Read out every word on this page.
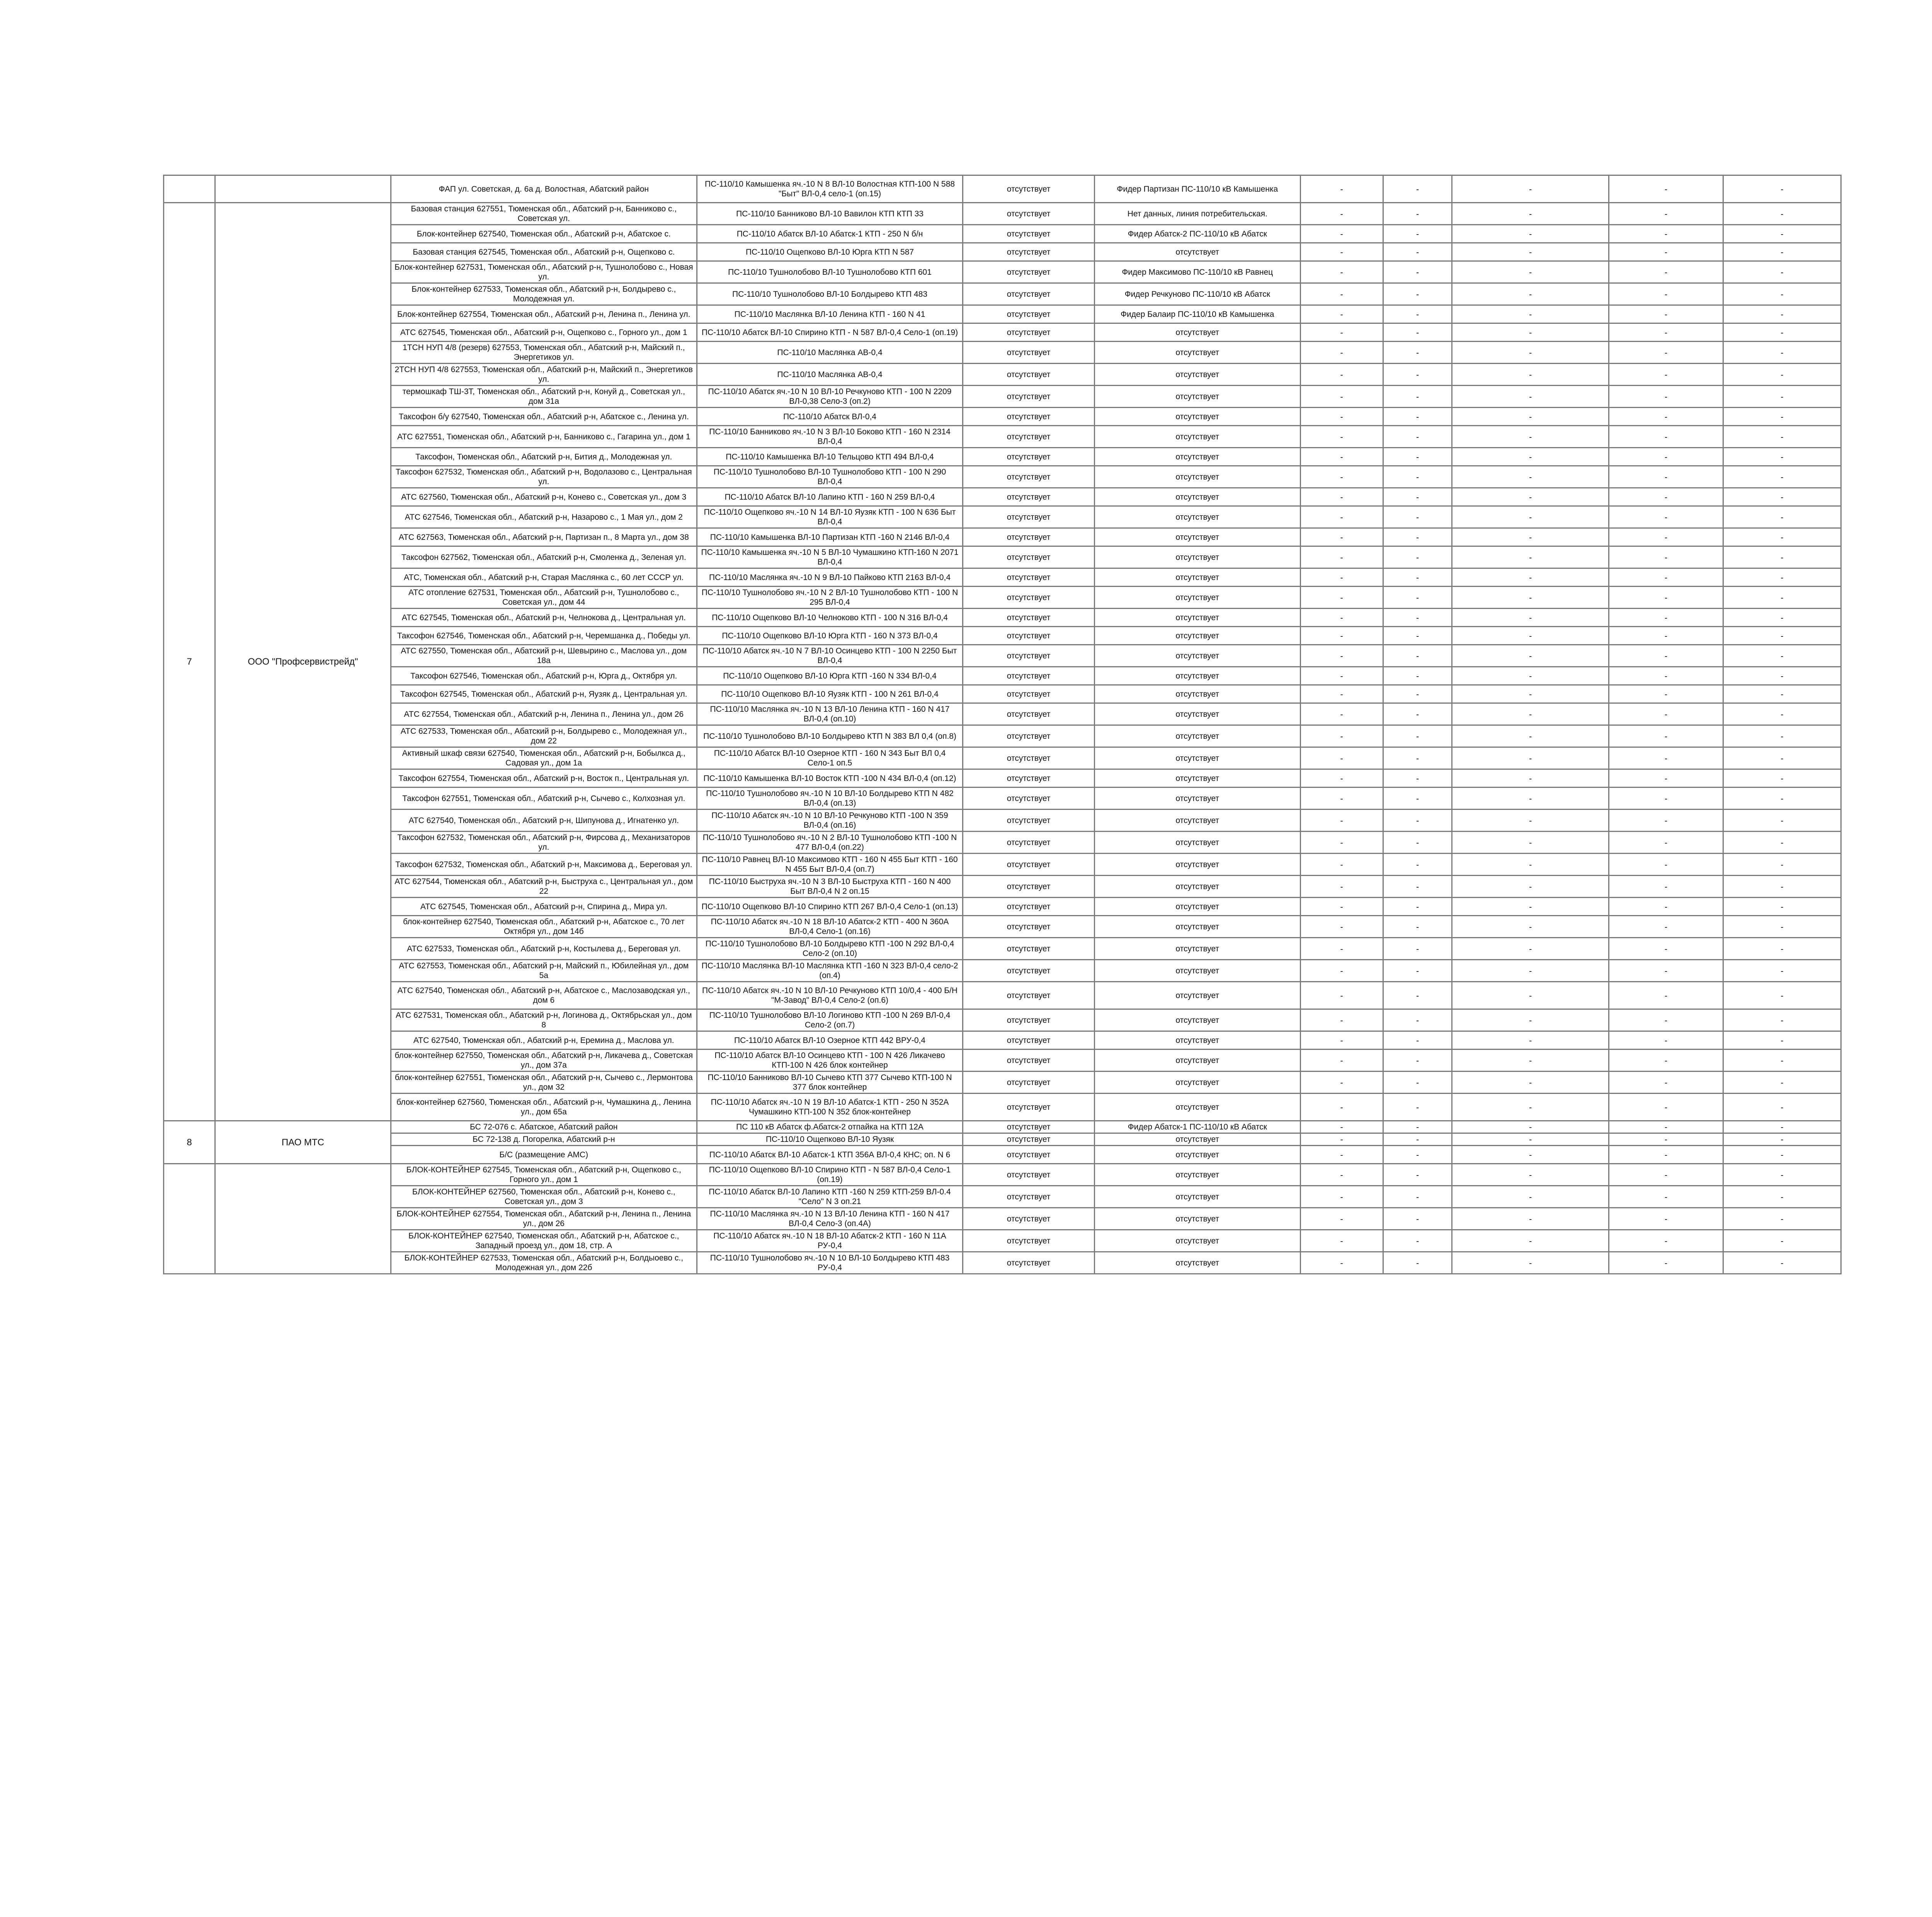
		ФАП ул. Советская, д. 6а д. Волостная, Абатский район	ПС-110/10 Камышенка яч.-10 N 8 ВЛ-10 Волостная КТП-100 N 588 "Быт" ВЛ-0,4 село-1 (оп.15)	отсутствует	Фидер Партизан ПС-110/10 кВ Камышенка	-	-	-	-	-
7	ООО "Профсервистрейд"	Базовая станция 627551, Тюменская обл., Абатский р-н, Банниково с., Советская ул.	ПС-110/10 Банниково ВЛ-10 Вавилон КТП КТП 33	отсутствует	Нет данных, линия потребительская.	-	-	-	-	-
		Блок-контейнер 627540, Тюменская обл., Абатский р-н, Абатское с.	ПС-110/10 Абатск ВЛ-10 Абатск-1 КТП - 250 N б/н	отсутствует	Фидер Абатск-2 ПС-110/10 кВ Абатск	-	-	-	-	-
		Базовая станция 627545, Тюменская обл., Абатский р-н, Ощепково с.	ПС-110/10 Ощепково ВЛ-10 Юрга КТП N 587	отсутствует	отсутствует	-	-	-	-	-
		Блок-контейнер 627531, Тюменская обл., Абатский р-н, Тушнолобово с., Новая ул.	ПС-110/10 Тушнолобово ВЛ-10 Тушнолобово КТП 601	отсутствует	Фидер Максимово ПС-110/10 кВ Равнец	-	-	-	-	-
		Блок-контейнер 627533, Тюменская обл., Абатский р-н, Болдырево с., Молодежная ул.	ПС-110/10 Тушнолобово ВЛ-10 Болдырево КТП 483	отсутствует	Фидер Речкуново ПС-110/10 кВ Абатск	-	-	-	-	-
		Блок-контейнер 627554, Тюменская обл., Абатский р-н, Ленина п., Ленина ул.	ПС-110/10 Маслянка ВЛ-10 Ленина КТП - 160 N 41	отсутствует	Фидер Балаир ПС-110/10 кВ Камышенка	-	-	-	-	-
		АТС 627545, Тюменская обл., Абатский р-н, Ощепково с., Горного ул., дом 1	ПС-110/10 Абатск ВЛ-10 Спирино КТП - N 587 ВЛ-0,4 Село-1 (оп.19)	отсутствует	отсутствует	-	-	-	-	-
		1ТСН НУП 4/8 (резерв) 627553, Тюменская обл., Абатский р-н, Майский п., Энергетиков ул.	ПС-110/10 Маслянка АВ-0,4	отсутствует	отсутствует	-	-	-	-	-
		2ТСН НУП 4/8 627553, Тюменская обл., Абатский р-н, Майский п., Энергетиков ул.	ПС-110/10 Маслянка АВ-0,4	отсутствует	отсутствует	-	-	-	-	-
		термошкаф ТШ-3Т, Тюменская обл., Абатский р-н, Конуй д., Советская ул., дом 31а	ПС-110/10 Абатск яч.-10 N 10 ВЛ-10 Речкуново КТП - 100 N 2209 ВЛ-0,38 Село-3 (оп.2)	отсутствует	отсутствует	-	-	-	-	-
		Таксофон б/у 627540, Тюменская обл., Абатский р-н, Абатское с., Ленина ул.	ПС-110/10 Абатск ВЛ-0,4	отсутствует	отсутствует	-	-	-	-	-
		АТС 627551, Тюменская обл., Абатский р-н, Банниково с., Гагарина ул., дом 1	ПС-110/10 Банниково яч.-10 N 3 ВЛ-10 Боково КТП - 160 N 2314 ВЛ-0,4	отсутствует	отсутствует	-	-	-	-	-
		Таксофон, Тюменская обл., Абатский р-н, Бития д., Молодежная ул.	ПС-110/10 Камышенка ВЛ-10 Тельцово КТП 494 ВЛ-0,4	отсутствует	отсутствует	-	-	-	-	-
		Таксофон 627532, Тюменская обл., Абатский р-н, Водолазово с., Центральная ул.	ПС-110/10 Тушнолобово ВЛ-10 Тушнолобово КТП - 100 N 290 ВЛ-0,4	отсутствует	отсутствует	-	-	-	-	-
		АТС 627560, Тюменская обл., Абатский р-н, Конево с., Советская ул., дом 3	ПС-110/10 Абатск ВЛ-10 Лапино КТП - 160 N 259 ВЛ-0,4	отсутствует	отсутствует	-	-	-	-	-
		АТС 627546, Тюменская обл., Абатский р-н, Назарово с., 1 Мая ул., дом 2	ПС-110/10 Ощепково яч.-10 N 14 ВЛ-10 Яузяк КТП - 100 N 636 Быт ВЛ-0,4	отсутствует	отсутствует	-	-	-	-	-
		АТС 627563, Тюменская обл., Абатский р-н, Партизан п., 8 Марта ул., дом 38	ПС-110/10 Камышенка ВЛ-10 Партизан КТП -160 N 2146 ВЛ-0,4	отсутствует	отсутствует	-	-	-	-	-
		Таксофон 627562, Тюменская обл., Абатский р-н, Смоленка д., Зеленая ул.	ПС-110/10 Камышенка яч.-10 N 5 ВЛ-10 Чумашкино КТП-160 N 2071 ВЛ-0,4	отсутствует	отсутствует	-	-	-	-	-
		АТС, Тюменская обл., Абатский р-н, Старая Маслянка с., 60 лет СССР ул.	ПС-110/10 Маслянка яч.-10 N 9 ВЛ-10 Пайково КТП 2163 ВЛ-0,4	отсутствует	отсутствует	-	-	-	-	-
		АТС отопление 627531, Тюменская обл., Абатский р-н, Тушнолобово с., Советская ул., дом 44	ПС-110/10 Тушнолобово яч.-10 N 2 ВЛ-10 Тушнолобово КТП - 100 N 295 ВЛ-0,4	отсутствует	отсутствует	-	-	-	-	-
		АТС 627545, Тюменская обл., Абатский р-н, Челнокова д., Центральная ул.	ПС-110/10 Ощепково ВЛ-10 Челноково КТП - 100 N 316 ВЛ-0,4	отсутствует	отсутствует	-	-	-	-	-
		Таксофон 627546, Тюменская обл., Абатский р-н, Черемшанка д., Победы ул.	ПС-110/10 Ощепково ВЛ-10 Юрга КТП - 160 N 373 ВЛ-0,4	отсутствует	отсутствует	-	-	-	-	-
		АТС 627550, Тюменская обл., Абатский р-н, Шевырино с., Маслова ул., дом 18а	ПС-110/10 Абатск яч.-10 N 7 ВЛ-10 Осинцево КТП - 100 N 2250 Быт ВЛ-0,4	отсутствует	отсутствует	-	-	-	-	-
		Таксофон 627546, Тюменская обл., Абатский р-н, Юрга д., Октября ул.	ПС-110/10 Ощепково ВЛ-10 Юрга КТП -160 N 334 ВЛ-0,4	отсутствует	отсутствует	-	-	-	-	-
		Таксофон 627545, Тюменская обл., Абатский р-н, Яузяк д., Центральная ул.	ПС-110/10 Ощепково ВЛ-10 Яузяк КТП - 100 N 261 ВЛ-0,4	отсутствует	отсутствует	-	-	-	-	-
		АТС 627554, Тюменская обл., Абатский р-н, Ленина п., Ленина ул., дом 26	ПС-110/10 Маслянка яч.-10 N 13 ВЛ-10 Ленина КТП - 160 N 417 ВЛ-0,4 (оп.10)	отсутствует	отсутствует	-	-	-	-	-
		АТС 627533, Тюменская обл., Абатский р-н, Болдырево с., Молодежная ул., дом 22	ПС-110/10 Тушнолобово ВЛ-10 Болдырево КТП N 383 ВЛ 0,4 (оп.8)	отсутствует	отсутствует	-	-	-	-	-
		Активный шкаф связи 627540, Тюменская обл., Абатский р-н, Бобылкса д., Садовая ул., дом 1а	ПС-110/10 Абатск ВЛ-10 Озерное КТП - 160 N 343 Быт ВЛ 0,4 Село-1 оп.5	отсутствует	отсутствует	-	-	-	-	-
		Таксофон 627554, Тюменская обл., Абатский р-н, Восток п., Центральная ул.	ПС-110/10 Камышенка ВЛ-10 Восток КТП -100 N 434 ВЛ-0,4 (оп.12)	отсутствует	отсутствует	-	-	-	-	-
		Таксофон 627551, Тюменская обл., Абатский р-н, Сычево с., Колхозная ул.	ПС-110/10 Тушнолобово яч.-10 N 10 ВЛ-10 Болдырево КТП N 482 ВЛ-0,4 (оп.13)	отсутствует	отсутствует	-	-	-	-	-
		АТС 627540, Тюменская обл., Абатский р-н, Шипунова д., Игнатенко ул.	ПС-110/10 Абатск яч.-10 N 10 ВЛ-10 Речкуново КТП -100 N 359 ВЛ-0,4 (оп.16)	отсутствует	отсутствует	-	-	-	-	-
		Таксофон 627532, Тюменская обл., Абатский р-н, Фирсова д., Механизаторов ул.	ПС-110/10 Тушнолобово яч.-10 N 2 ВЛ-10 Тушнолобово КТП -100 N 477 ВЛ-0,4 (оп.22)	отсутствует	отсутствует	-	-	-	-	-
		Таксофон 627532, Тюменская обл., Абатский р-н, Максимова д., Береговая ул.	ПС-110/10 Равнец ВЛ-10 Максимово КТП - 160 N 455 Быт КТП - 160 N 455 Быт ВЛ-0,4 (оп.7)	отсутствует	отсутствует	-	-	-	-	-
		АТС 627544, Тюменская обл., Абатский р-н, Быструха с., Центральная ул., дом 22	ПС-110/10 Быструха яч.-10 N 3 ВЛ-10 Быструха КТП - 160 N 400 Быт ВЛ-0,4 N 2 оп.15	отсутствует	отсутствует	-	-	-	-	-
		АТС 627545, Тюменская обл., Абатский р-н, Спирина д., Мира ул.	ПС-110/10 Ощепково ВЛ-10 Спирино КТП 267 ВЛ-0,4 Село-1 (оп.13)	отсутствует	отсутствует	-	-	-	-	-
		блок-контейнер 627540, Тюменская обл., Абатский р-н, Абатское с., 70 лет Октября ул., дом 14б	ПС-110/10 Абатск яч.-10 N 18 ВЛ-10 Абатск-2 КТП - 400 N 360А ВЛ-0,4 Село-1 (оп.16)	отсутствует	отсутствует	-	-	-	-	-
		АТС 627533, Тюменская обл., Абатский р-н, Костылева д., Береговая ул.	ПС-110/10 Тушнолобово ВЛ-10 Болдырево КТП -100 N 292 ВЛ-0,4 Село-2 (оп.10)	отсутствует	отсутствует	-	-	-	-	-
		АТС 627553, Тюменская обл., Абатский р-н, Майский п., Юбилейная ул., дом 5а	ПС-110/10 Маслянка ВЛ-10 Маслянка КТП -160 N 323 ВЛ-0,4 село-2 (оп.4)	отсутствует	отсутствует	-	-	-	-	-
		АТС 627540, Тюменская обл., Абатский р-н, Абатское с., Маслозаводская ул., дом 6	ПС-110/10 Абатск яч.-10 N 10 ВЛ-10 Речкуново КТП 10/0,4 - 400 Б/Н "М-Завод" ВЛ-0,4 Село-2 (оп.6)	отсутствует	отсутствует	-	-	-	-	-
		АТС 627531, Тюменская обл., Абатский р-н, Логинова д., Октябрьская ул., дом 8	ПС-110/10 Тушнолобово ВЛ-10 Логиново КТП -100 N 269 ВЛ-0,4 Село-2 (оп.7)	отсутствует	отсутствует	-	-	-	-	-
		АТС 627540, Тюменская обл., Абатский р-н, Еремина д., Маслова ул.	ПС-110/10 Абатск ВЛ-10 Озерное КТП 442 ВРУ-0,4	отсутствует	отсутствует	-	-	-	-	-
		блок-контейнер 627550, Тюменская обл., Абатский р-н, Ликачева д., Советская ул., дом 37а	ПС-110/10 Абатск ВЛ-10 Осинцево КТП - 100 N 426 Ликачево КТП-100 N 426 блок контейнер	отсутствует	отсутствует	-	-	-	-	-
		блок-контейнер 627551, Тюменская обл., Абатский р-н, Сычево с., Лермонтова ул., дом 32	ПС-110/10 Банниково ВЛ-10 Сычево КТП 377 Сычево КТП-100 N 377 блок контейнер	отсутствует	отсутствует	-	-	-	-	-
		блок-контейнер 627560, Тюменская обл., Абатский р-н, Чумашкина д., Ленина ул., дом 65а	ПС-110/10 Абатск яч.-10 N 19 ВЛ-10 Абатск-1 КТП - 250 N 352А Чумашкино КТП-100 N 352 блок-контейнер	отсутствует	отсутствует	-	-	-	-	-
8	ПАО МТС	БС 72-076 с. Абатское, Абатский район	ПС 110 кВ Абатск ф.Абатск-2 отпайка на КТП 12А	отсутствует	Фидер Абатск-1 ПС-110/10 кВ Абатск	-	-	-	-	-
		БС 72-138 д. Погорелка, Абатский р-н	ПС-110/10 Ощепково ВЛ-10 Яузяк	отсутствует	отсутствует	-	-	-	-	-
		Б/С (размещение АМС)	ПС-110/10 Абатск ВЛ-10 Абатск-1 КТП 356А ВЛ-0,4 КНС; оп. N 6	отсутствует	отсутствует	-	-	-	-	-
		БЛОК-КОНТЕЙНЕР 627545, Тюменская обл., Абатский р-н, Ощепково с., Горного ул., дом 1	ПС-110/10 Ощепково ВЛ-10 Спирино КТП - N 587 ВЛ-0,4 Село-1 (оп.19)	отсутствует	отсутствует	-	-	-	-	-
		БЛОК-КОНТЕЙНЕР 627560, Тюменская обл., Абатский р-н, Конево с., Советская ул., дом 3	ПС-110/10 Абатск ВЛ-10 Лапино КТП -160 N 259 КТП-259 ВЛ-0.4 "Село" N 3 оп.21	отсутствует	отсутствует	-	-	-	-	-
		БЛОК-КОНТЕЙНЕР 627554, Тюменская обл., Абатский р-н, Ленина п., Ленина ул., дом 26	ПС-110/10 Маслянка яч.-10 N 13 ВЛ-10 Ленина КТП - 160 N 417 ВЛ-0,4 Село-3 (оп.4А)	отсутствует	отсутствует	-	-	-	-	-
		БЛОК-КОНТЕЙНЕР 627540, Тюменская обл., Абатский р-н, Абатское с., Западный проезд ул., дом 18, стр. А	ПС-110/10 Абатск яч.-10 N 18 ВЛ-10 Абатск-2 КТП - 160 N 11А РУ-0,4	отсутствует	отсутствует	-	-	-	-	-
		БЛОК-КОНТЕЙНЕР 627533, Тюменская обл., Абатский р-н, Болдыоево с., Молодежная ул., дом 22б	ПС-110/10 Тушнолобово яч.-10 N 10 ВЛ-10 Болдырево КТП 483 РУ-0,4	отсутствует	отсутствует	-	-	-	-	-
